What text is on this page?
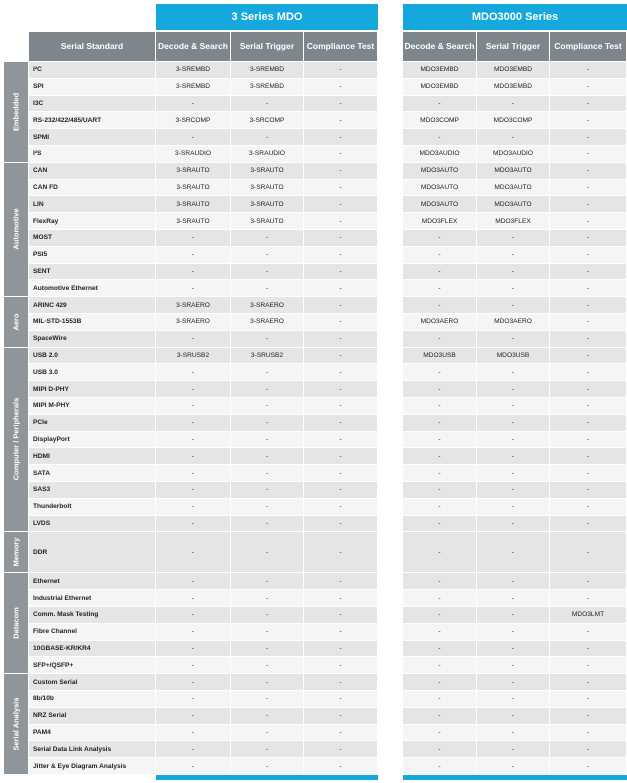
3 Series MDO	MDO3000 Series
Serial Standard	Decode & Search	Serial Trigger	Compliance Test	Decode & Search	Serial Trigger	Compliance Test
I²C	3-SREMBD	3-SREMBD	-	MDO3EMBD	MDO3EMBD	-
SPI	3-SREMBD	3-SREMBD	-	MDO3EMBD	MDO3EMBD	-
I3C	-	-	-	-	-	-
RS-232/422/485/UART	3-SRCOMP	3-SRCOMP	-	MDO3COMP	MDO3COMP	-
SPMI	-	-	-	-	-	-
I²S	3-SRAUDIO	3-SRAUDIO	-	MDO3AUDIO	MDO3AUDIO	-
Embedded
CAN	3-SRAUTO	3-SRAUTO	-	MDO3AUTO	MDO3AUTO	-
CAN FD	3-SRAUTO	3-SRAUTO	-	MDO3AUTO	MDO3AUTO	-
LIN	3-SRAUTO	3-SRAUTO	-	MDO3AUTO	MDO3AUTO	-
FlexRay	3-SRAUTO	3-SRAUTO	-	MDO3FLEX	MDO3FLEX	-
MOST	-	-	-	-	-	-
PSI5	-	-	-	-	-	-
SENT	-	-	-	-	-	-
Automotive Ethernet	-	-	-	-	-	-
Automotive
ARINC 429	3-SRAERO	3-SRAERO	-	-	-	-
MIL-STD-1553B	3-SRAERO	3-SRAERO	-	MDO3AERO	MDO3AERO	-
SpaceWire	-	-	-	-	-	-
Aero
USB 2.0	3-SRUSB2	3-SRUSB2	-	MDO3USB	MDO3USB	-
USB 3.0	-	-	-	-	-	-
MIPI D-PHY	-	-	-	-	-	-
MIPI M-PHY	-	-	-	-	-	-
PCIe	-	-	-	-	-	-
DisplayPort	-	-	-	-	-	-
HDMI	-	-	-	-	-	-
SATA	-	-	-	-	-	-
SAS3	-	-	-	-	-	-
Thunderbolt	-	-	-	-	-	-
LVDS	-	-	-	-	-	-
Computer / Peripherals
DDR	-	-	-	-	-	-
Memory
Ethernet	-	-	-	-	-	-
Industrial Ethernet	-	-	-	-	-	-
Comm. Mask Testing	-	-	-	-	-	MDO3LMT
Fibre Channel	-	-	-	-	-	-
10GBASE-KR/KR4	-	-	-	-	-	-
SFP+/QSFP+	-	-	-	-	-	-
Datacom
Custom Serial	-	-	-	-	-	-
8b/10b	-	-	-	-	-	-
NRZ Serial	-	-	-	-	-	-
PAM4	-	-	-	-	-	-
Serial Data Link Analysis	-	-	-	-	-	-
Jitter & Eye Diagram Analysis	-	-	-	-	-	-
Serial Analysis
